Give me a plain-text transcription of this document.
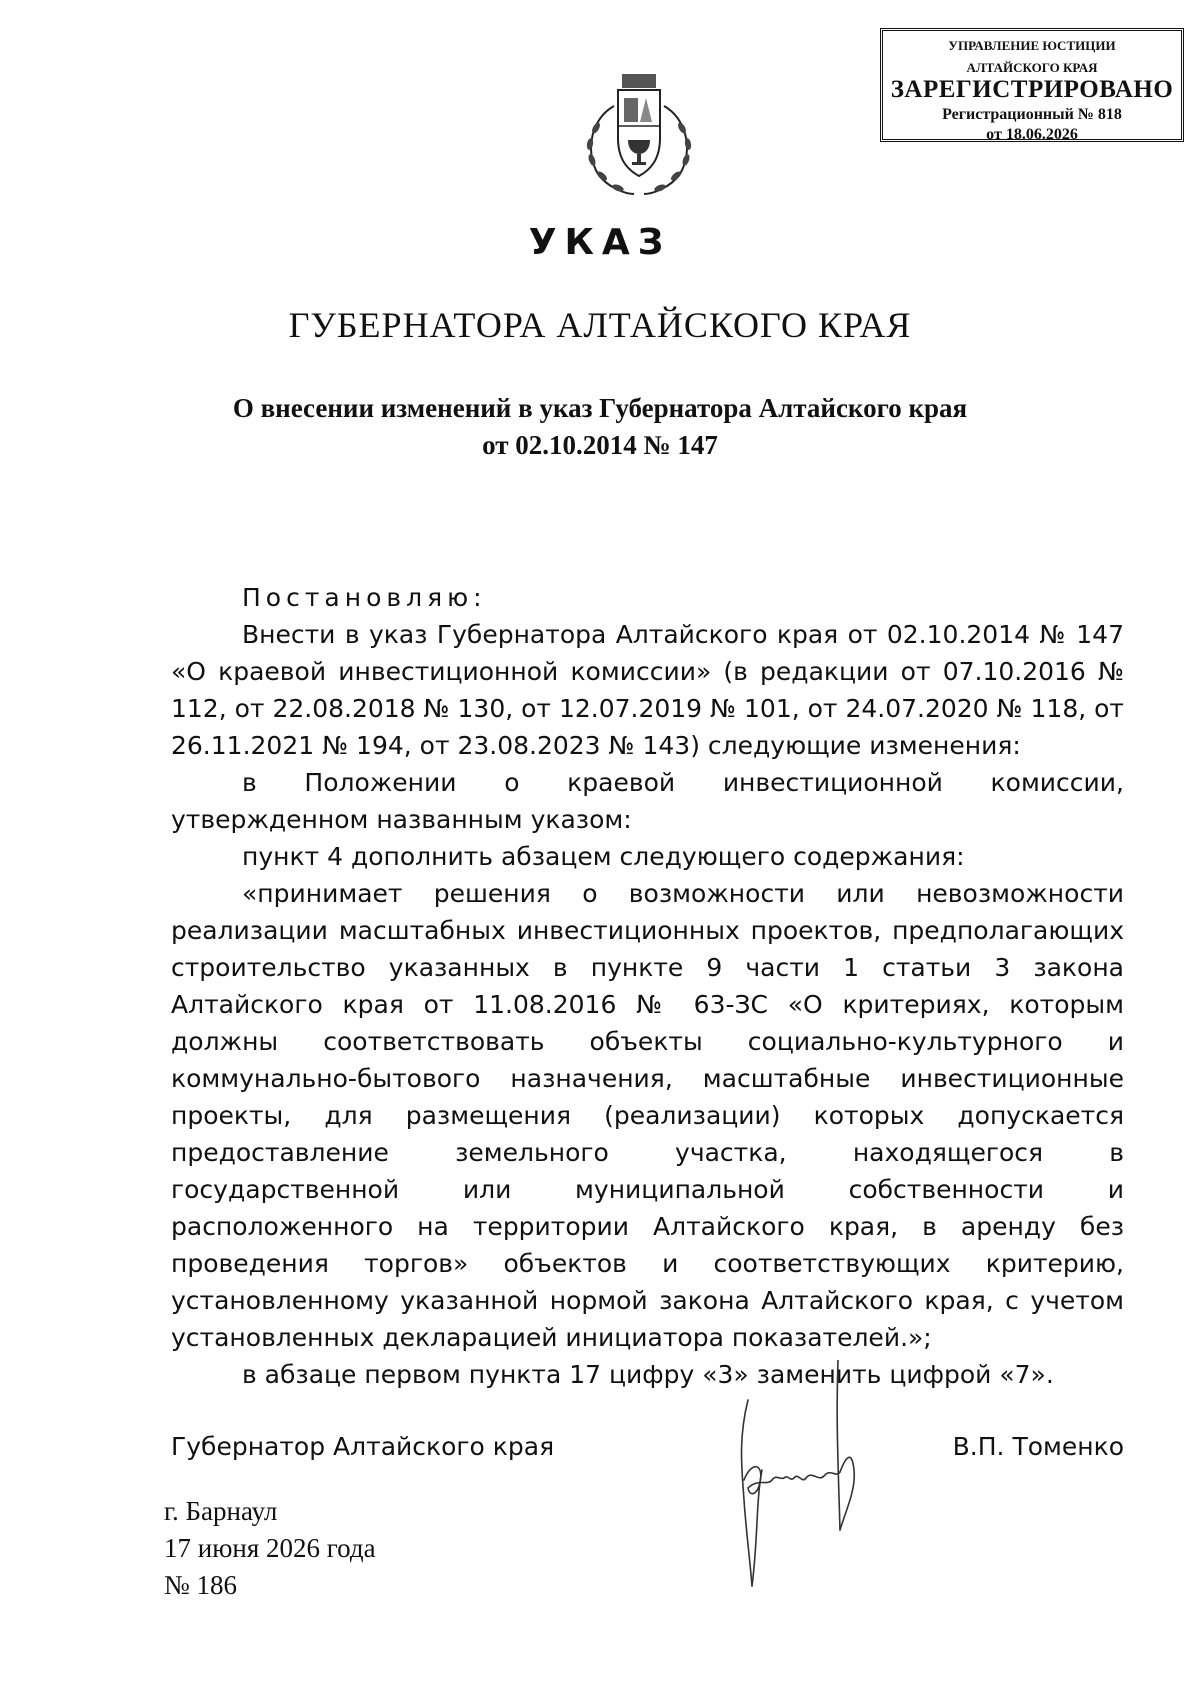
УПРАВЛЕНИЕ ЮСТИЦИИ
АЛТАЙСКОГО КРАЯ
ЗАРЕГИСТРИРОВАНО
Регистрационный № 818
от 18.06.2026
УКАЗ
ГУБЕРНАТОРА АЛТАЙСКОГО КРАЯ
О внесении изменений в указ Губернатора Алтайского края
от 02.10.2014 № 147

Постановляю:

Внести в указ Губернатора Алтайского края от 02.10.2014 № 147 «О краевой инвестиционной комиссии» (в редакции от 07.10.2016 № 112, от 22.08.2018 № 130, от 12.07.2019 № 101, от 24.07.2020 № 118, от 26.11.2021 № 194, от 23.08.2023 № 143) следующие изменения:

в Положении о краевой инвестиционной комиссии, утвержденном названным указом:

пункт 4 дополнить абзацем следующего содержания:

«принимает решения о возможности или невозможности реализации масштабных инвестиционных проектов, предполагающих строительство указанных в пункте 9 части 1 статьи 3 закона Алтайского края от 11.08.2016 № 63-ЗС «О критериях, которым должны соответствовать объекты социально-культурного и коммунально-бытового назначения, масштабные инвестиционные проекты, для размещения (реализации) которых допускается предоставление земельного участка, находящегося в государственной или муниципальной собственности и расположенного на территории Алтайского края, в аренду без проведения торгов» объектов и соответствующих критерию, установленному указанной нормой закона Алтайского края, с учетом установленных декларацией инициатора показателей.»;

в абзаце первом пункта 17 цифру «3» заменить цифрой «7».

Губернатор Алтайского края	В.П. Томенко
г. Барнаул
17 июня 2026 года
№ 186
